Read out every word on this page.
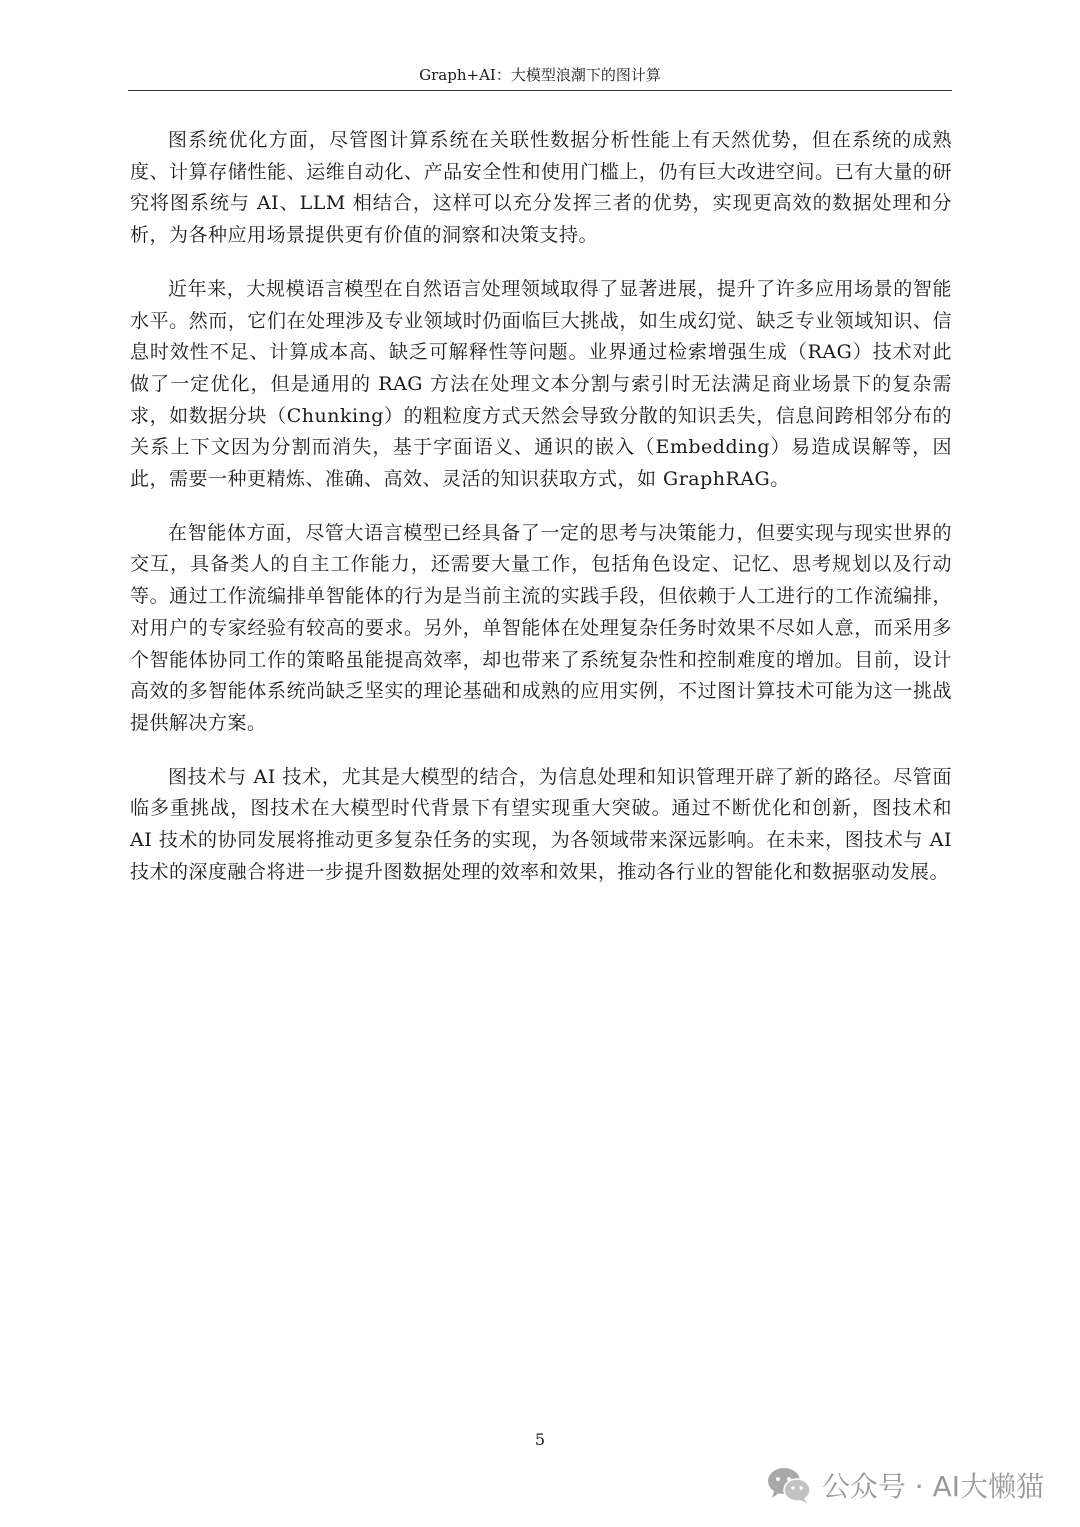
Graph+AI：大模型浪潮下的图计算

图系统优化方面，尽管图计算系统在关联性数据分析性能上有天然优势，但在系统的成熟度、计算存储性能、运维自动化、产品安全性和使用门槛上，仍有巨大改进空间。已有大量的研究将图系统与 AI、LLM 相结合，这样可以充分发挥三者的优势，实现更高效的数据处理和分析，为各种应用场景提供更有价值的洞察和决策支持。

近年来，大规模语言模型在自然语言处理领域取得了显著进展，提升了许多应用场景的智能水平。然而，它们在处理涉及专业领域时仍面临巨大挑战，如生成幻觉、缺乏专业领域知识、信息时效性不足、计算成本高、缺乏可解释性等问题。业界通过检索增强生成（RAG）技术对此做了一定优化，但是通用的 RAG 方法在处理文本分割与索引时无法满足商业场景下的复杂需求，如数据分块（Chunking）的粗粒度方式天然会导致分散的知识丢失，信息间跨相邻分布的关系上下文因为分割而消失，基于字面语义、通识的嵌入（Embedding）易造成误解等，因此，需要一种更精炼、准确、高效、灵活的知识获取方式，如 GraphRAG。

在智能体方面，尽管大语言模型已经具备了一定的思考与决策能力，但要实现与现实世界的交互，具备类人的自主工作能力，还需要大量工作，包括角色设定、记忆、思考规划以及行动等。通过工作流编排单智能体的行为是当前主流的实践手段，但依赖于人工进行的工作流编排，对用户的专家经验有较高的要求。另外，单智能体在处理复杂任务时效果不尽如人意，而采用多个智能体协同工作的策略虽能提高效率，却也带来了系统复杂性和控制难度的增加。目前，设计高效的多智能体系统尚缺乏坚实的理论基础和成熟的应用实例，不过图计算技术可能为这一挑战提供解决方案。

图技术与 AI 技术，尤其是大模型的结合，为信息处理和知识管理开辟了新的路径。尽管面临多重挑战，图技术在大模型时代背景下有望实现重大突破。通过不断优化和创新，图技术和 AI 技术的协同发展将推动更多复杂任务的实现，为各领域带来深远影响。在未来，图技术与 AI 技术的深度融合将进一步提升图数据处理的效率和效果，推动各行业的智能化和数据驱动发展。

5
公众号 · AI大懒猫
